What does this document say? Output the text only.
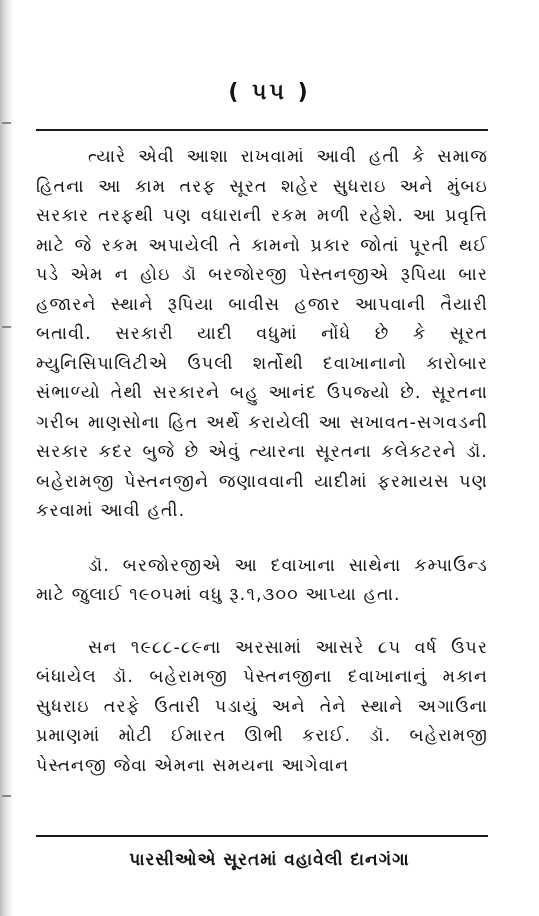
( ૫૫ )

ત્યારે એવી આશા રાખવામાં આવી હતી કે સમાજ હિતના આ કામ તરફ સૂરત શહેર સુધરાઇ અને મુંબઇ સરકાર તરફથી પણ વધારાની રકમ મળી રહેશે. આ પ્રવૃત્તિ માટે જે રકમ અપાયેલી તે કામનો પ્રકાર જોતાં પૂરતી થઈ પડે એમ ન હોઇ ડૉ બરજોરજી પેસ્તનજીએ રૂપિયા બાર હજારને સ્થાને રૂપિયા બાવીસ હજાર આપવાની તૈયારી બતાવી. સરકારી યાદી વધુમાં નોંધે છે કે સૂરત મ્યુનિસિપાલિટીએ ઉપલી શર્તોથી દવાખાનાનો કારોબાર સંભાળ્યો તેથી સરકારને બહુ આનંદ ઉપજ્યો છે. સૂરતના ગરીબ માણસોના હિત અર્થે કરાયેલી આ સખાવત-સગવડની સરકાર કદર બુજે છે એવું ત્યારના સૂરતના કલેક્ટરને ડૉ. બહેરામજી પેસ્તનજીને જણાવવાની યાદીમાં ફરમાયસ પણ કરવામાં આવી હતી.

ડૉ. બરજોરજીએ આ દવાખાના સાથેના કમ્પાઉન્ડ માટે જુલાઈ ૧૯૦૫માં વધુ રૂ.૧,૩૦૦ આપ્યા હતા.

સન ૧૯૮૮-૮૯ના અરસામાં આસરે ૮૫ વર્ષ ઉપર બંધાયેલ ડૉ. બહેરામજી પેસ્તનજીના દવાખાનાનું મકાન સુધરાઇ તરફે ઉતારી પડાયું અને તેને સ્થાને અગાઉના પ્રમાણમાં મોટી ઈમારત ઊભી કરાઈ. ડૉ. બહેરામજી પેસ્તનજી જેવા એમના સમયના આગેવાન

પારસીઓએ સૂરતમાં વહાવેલી દાનગંગા
